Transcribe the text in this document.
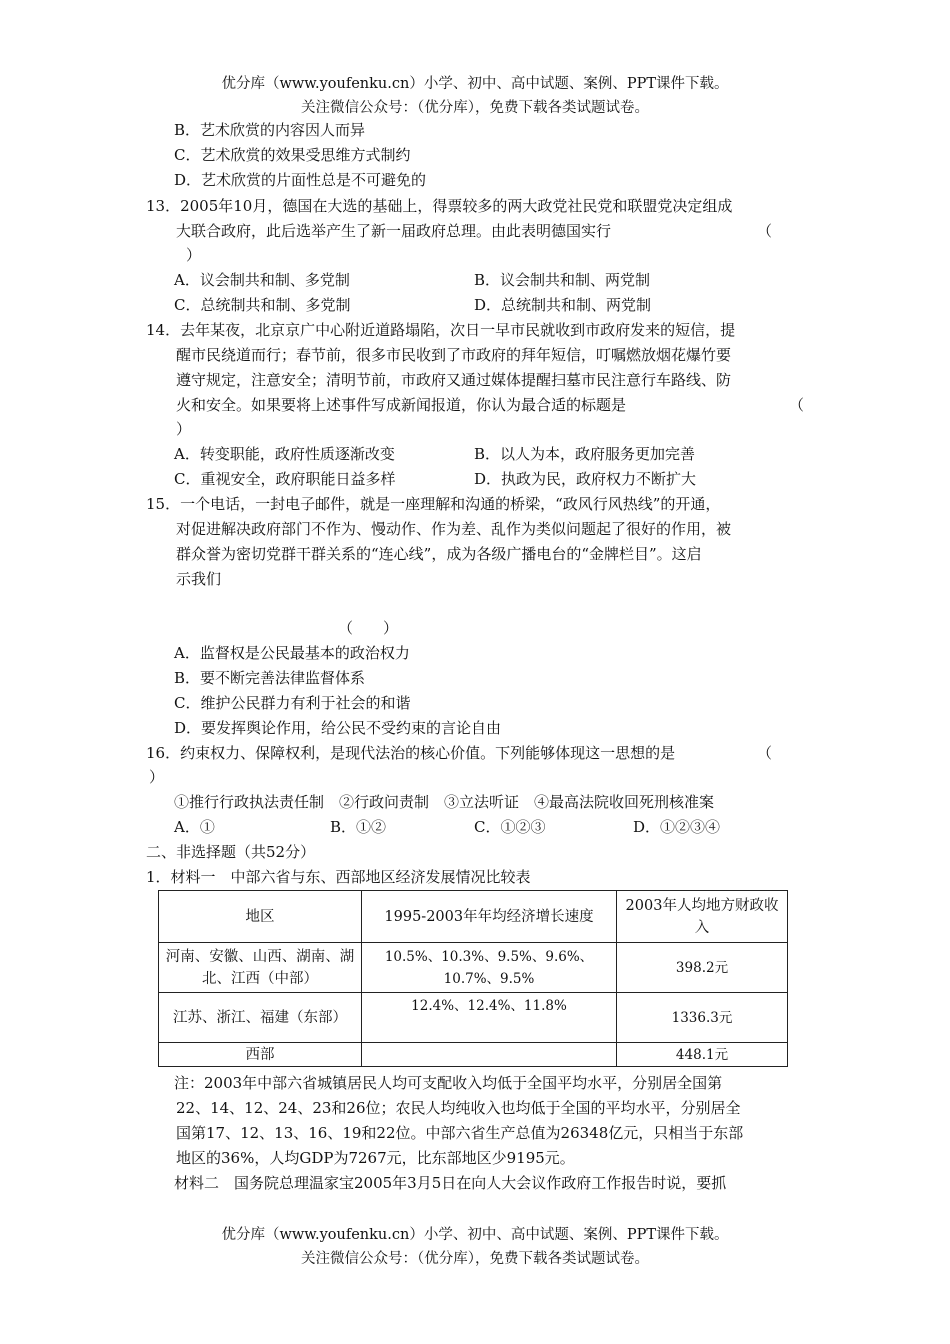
优分库（www.youfenku.cn）小学、初中、高中试题、案例、PPT课件下载。
关注微信公众号：（优分库），免费下载各类试题试卷。
B．艺术欣赏的内容因人而异
C．艺术欣赏的效果受思维方式制约
D．艺术欣赏的片面性总是不可避免的
13．2005年10月，德国在大选的基础上，得票较多的两大政党社民党和联盟党决定组成
大联合政府，此后选举产生了新一届政府总理。由此表明德国实行	（
）
A．议会制共和制、多党制	B．议会制共和制、两党制
C．总统制共和制、多党制	D．总统制共和制、两党制
14．去年某夜，北京京广中心附近道路塌陷，次日一早市民就收到市政府发来的短信，提
醒市民绕道而行；春节前，很多市民收到了市政府的拜年短信，叮嘱燃放烟花爆竹要
遵守规定，注意安全；清明节前，市政府又通过媒体提醒扫墓市民注意行车路线、防
火和安全。如果要将上述事件写成新闻报道，你认为最合适的标题是	（
）
A．转变职能，政府性质逐渐改变	B．以人为本，政府服务更加完善
C．重视安全，政府职能日益多样	D．执政为民，政府权力不断扩大
15．一个电话，一封电子邮件，就是一座理解和沟通的桥梁，“政风行风热线”的开通，
对促进解决政府部门不作为、慢动作、作为差、乱作为类似问题起了很好的作用，被
群众誉为密切党群干群关系的“连心线”，成为各级广播电台的“金牌栏目”。这启
示我们
（　　）
A．监督权是公民最基本的政治权力
B．要不断完善法律监督体系
C．维护公民群力有利于社会的和谐
D．要发挥舆论作用，给公民不受约束的言论自由
16．约束权力、保障权利，是现代法治的核心价值。下列能够体现这一思想的是	（
）
①推行行政执法责任制　②行政问责制　③立法听证　④最高法院收回死刑核准案
A．①	B．①②	C．①②③	D．①②③④
二、非选择题（共52分）
1．材料一　中部六省与东、西部地区经济发展情况比较表
地区	1995-2003年年均经济增长速度	2003年人均地方财政收入
河南、安徽、山西、湖南、湖北、江西（中部）	10.5%、10.3%、9.5%、9.6%、10.7%、9.5%	398.2元
江苏、浙江、福建（东部）	12.4%、12.4%、11.8%	1336.3元
西部		448.1元
注：2003年中部六省城镇居民人均可支配收入均低于全国平均水平，分别居全国第
22、14、12、24、23和26位；农民人均纯收入也均低于全国的平均水平，分别居全
国第17、12、13、16、19和22位。中部六省生产总值为26348亿元，只相当于东部
地区的36%，人均GDP为7267元，比东部地区少9195元。
材料二　国务院总理温家宝2005年3月5日在向人大会议作政府工作报告时说，要抓
优分库（www.youfenku.cn）小学、初中、高中试题、案例、PPT课件下载。
关注微信公众号：（优分库），免费下载各类试题试卷。
